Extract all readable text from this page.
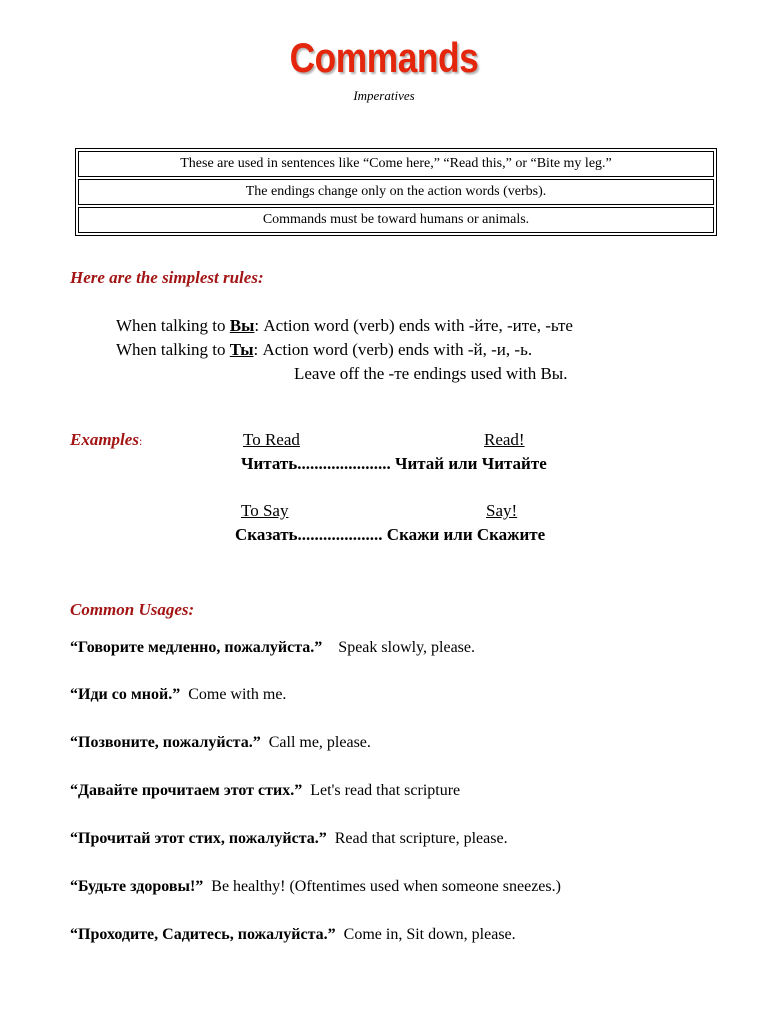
Commands
Imperatives
These are used in sentences like “Come here,” “Read this,” or “Bite my leg.”
The endings change only on the action words (verbs).
Commands must be toward humans or animals.
Here are the simplest rules:
When talking to Вы: Action word (verb) ends with -йте, -ите, -ьте
When talking to Ты: Action word (verb) ends with -й, -и, -ь.
Leave off the -те endings used with Вы.
Examples:	To Read	Read!
Читать...................... Читай или Читайте
To Say	Say!
Сказать.................... Скажи или Скажите
Common Usages:
“Говорите медленно, пожалуйста.” Speak slowly, please.
“Иди со мной.” Come with me.
“Позвоните, пожалуйста.” Call me, please.
“Давайте прочитаем этот стих.” Let's read that scripture
“Прочитай этот стих, пожалуйста.” Read that scripture, please.
“Будьте здоровы!” Be healthy! (Oftentimes used when someone sneezes.)
“Проходите, Садитесь, пожалуйста.” Come in, Sit down, please.
